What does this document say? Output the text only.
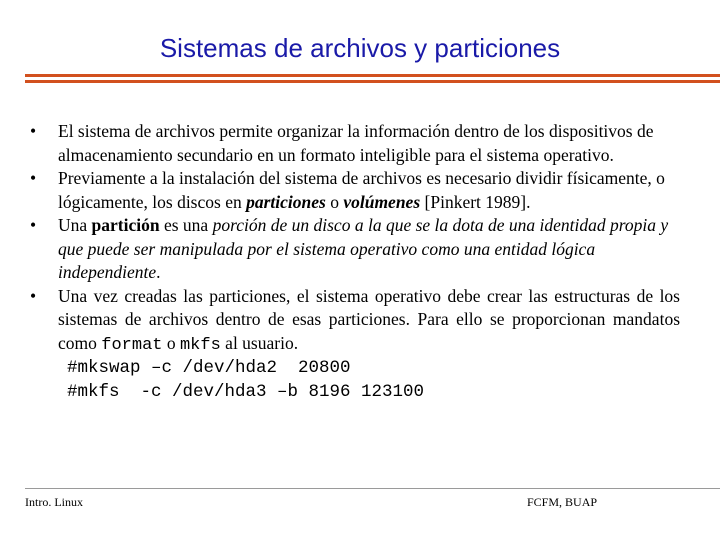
Sistemas de archivos y particiones
• El sistema de archivos permite organizar la información dentro de los dispositivos de almacenamiento secundario en un formato inteligible para el sistema operativo.
• Previamente a la instalación del sistema de archivos es necesario dividir físicamente, o lógicamente, los discos en particiones o volúmenes [Pinkert 1989].
• Una partición es una porción de un disco a la que se la dota de una identidad propia y que puede ser manipulada por el sistema operativo como una entidad lógica independiente.
• Una vez creadas las particiones, el sistema operativo debe crear las estructuras de los sistemas de archivos dentro de esas particiones. Para ello se proporcionan mandatos como format o mkfs al usuario.
#mkswap –c /dev/hda2  20800
#mkfs  -c /dev/hda3 –b 8196 123100
Intro. Linux	FCFM, BUAP
